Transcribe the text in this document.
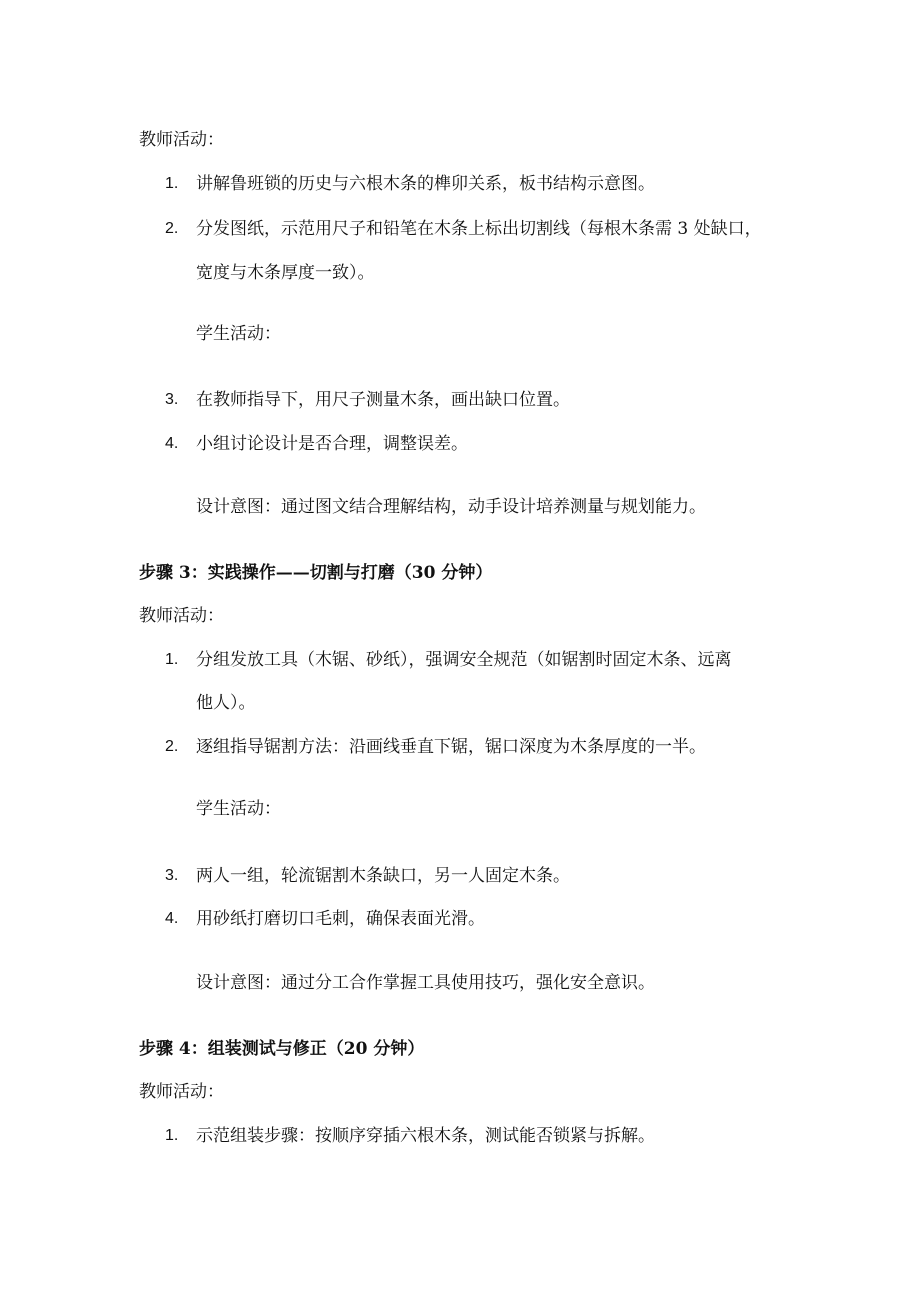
教师活动：
1. 讲解鲁班锁的历史与六根木条的榫卯关系，板书结构示意图。
2. 分发图纸，示范用尺子和铅笔在木条上标出切割线（每根木条需 3 处缺口，
宽度与木条厚度一致）。
学生活动：
3. 在教师指导下，用尺子测量木条，画出缺口位置。
4. 小组讨论设计是否合理，调整误差。
设计意图：通过图文结合理解结构，动手设计培养测量与规划能力。
步骤 3：实践操作——切割与打磨（30 分钟）
教师活动：
1. 分组发放工具（木锯、砂纸），强调安全规范（如锯割时固定木条、远离
他人）。
2. 逐组指导锯割方法：沿画线垂直下锯，锯口深度为木条厚度的一半。
学生活动：
3. 两人一组，轮流锯割木条缺口，另一人固定木条。
4. 用砂纸打磨切口毛刺，确保表面光滑。
设计意图：通过分工合作掌握工具使用技巧，强化安全意识。
步骤 4：组装测试与修正（20 分钟）
教师活动：
1. 示范组装步骤：按顺序穿插六根木条，测试能否锁紧与拆解。
